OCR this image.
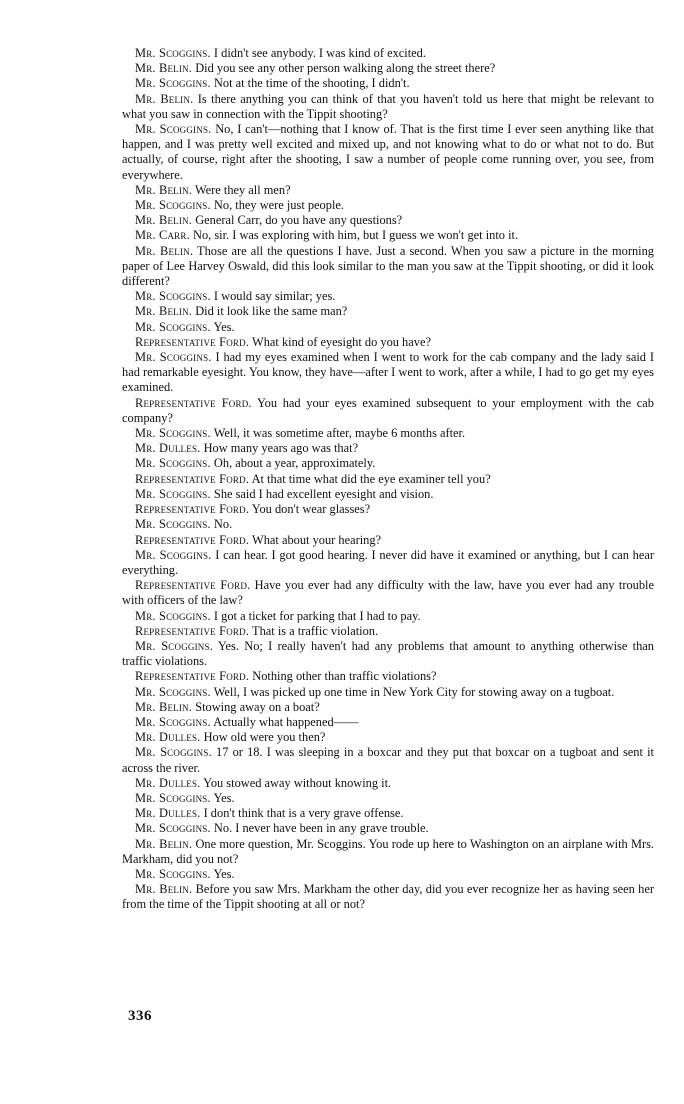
Mr. Scoggins. I didn't see anybody. I was kind of excited.

Mr. Belin. Did you see any other person walking along the street there?

Mr. Scoggins. Not at the time of the shooting, I didn't.

Mr. Belin. Is there anything you can think of that you haven't told us here that might be relevant to what you saw in connection with the Tippit shooting?

Mr. Scoggins. No, I can't—nothing that I know of. That is the first time I ever seen anything like that happen, and I was pretty well excited and mixed up, and not knowing what to do or what not to do. But actually, of course, right after the shooting, I saw a number of people come running over, you see, from everywhere.

Mr. Belin. Were they all men?

Mr. Scoggins. No, they were just people.

Mr. Belin. General Carr, do you have any questions?

Mr. Carr. No, sir. I was exploring with him, but I guess we won't get into it.

Mr. Belin. Those are all the questions I have. Just a second. When you saw a picture in the morning paper of Lee Harvey Oswald, did this look similar to the man you saw at the Tippit shooting, or did it look different?

Mr. Scoggins. I would say similar; yes.

Mr. Belin. Did it look like the same man?

Mr. Scoggins. Yes.

Representative Ford. What kind of eyesight do you have?

Mr. Scoggins. I had my eyes examined when I went to work for the cab company and the lady said I had remarkable eyesight. You know, they have—after I went to work, after a while, I had to go get my eyes examined.

Representative Ford. You had your eyes examined subsequent to your employment with the cab company?

Mr. Scoggins. Well, it was sometime after, maybe 6 months after.

Mr. Dulles. How many years ago was that?

Mr. Scoggins. Oh, about a year, approximately.

Representative Ford. At that time what did the eye examiner tell you?

Mr. Scoggins. She said I had excellent eyesight and vision.

Representative Ford. You don't wear glasses?

Mr. Scoggins. No.

Representative Ford. What about your hearing?

Mr. Scoggins. I can hear. I got good hearing. I never did have it examined or anything, but I can hear everything.

Representative Ford. Have you ever had any difficulty with the law, have you ever had any trouble with officers of the law?

Mr. Scoggins. I got a ticket for parking that I had to pay.

Representative Ford. That is a traffic violation.

Mr. Scoggins. Yes. No; I really haven't had any problems that amount to anything otherwise than traffic violations.

Representative Ford. Nothing other than traffic violations?

Mr. Scoggins. Well, I was picked up one time in New York City for stowing away on a tugboat.

Mr. Belin. Stowing away on a boat?

Mr. Scoggins. Actually what happened——

Mr. Dulles. How old were you then?

Mr. Scoggins. 17 or 18. I was sleeping in a boxcar and they put that boxcar on a tugboat and sent it across the river.

Mr. Dulles. You stowed away without knowing it.

Mr. Scoggins. Yes.

Mr. Dulles. I don't think that is a very grave offense.

Mr. Scoggins. No. I never have been in any grave trouble.

Mr. Belin. One more question, Mr. Scoggins. You rode up here to Washington on an airplane with Mrs. Markham, did you not?

Mr. Scoggins. Yes.

Mr. Belin. Before you saw Mrs. Markham the other day, did you ever recognize her as having seen her from the time of the Tippit shooting at all or not?

336
